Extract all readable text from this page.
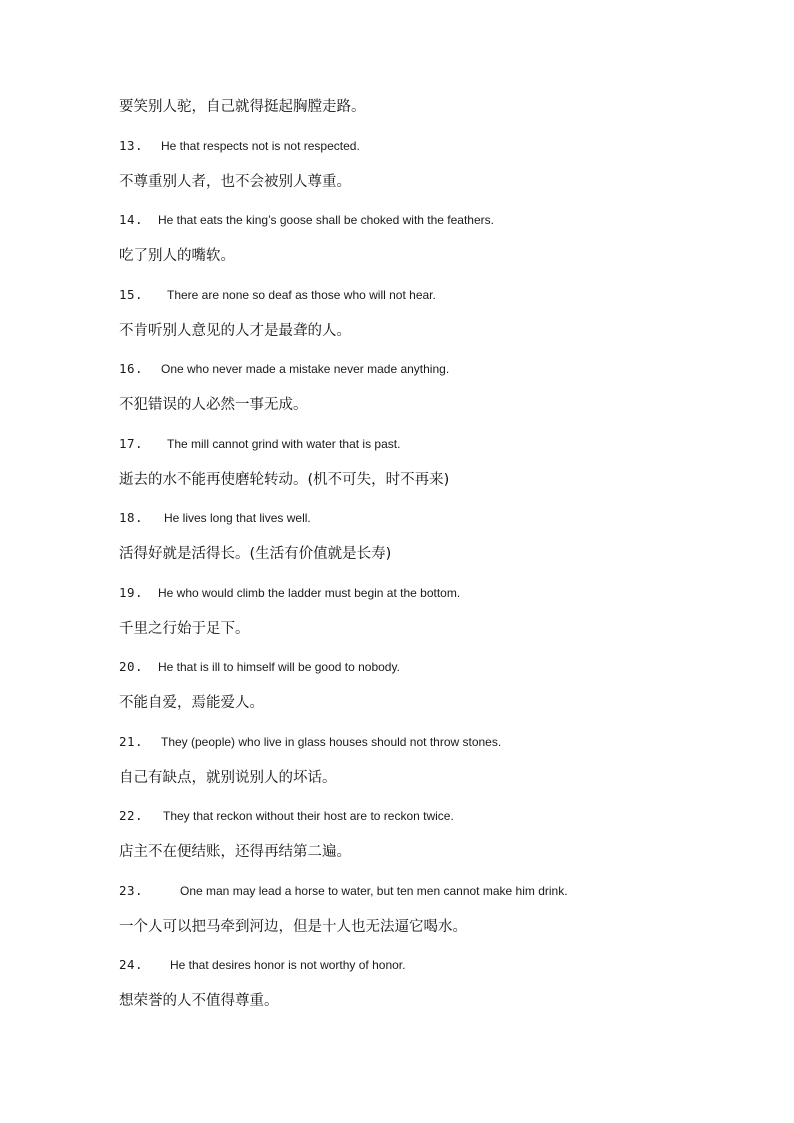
要笑别人驼，自己就得挺起胸膛走路。
13. He that respects not is not respected.
不尊重别人者，也不会被别人尊重。
14. He that eats the king’s goose shall be choked with the feathers.
吃了别人的嘴软。
15. There are none so deaf as those who will not hear.
不肯听别人意见的人才是最聋的人。
16. One who never made a mistake never made anything.
不犯错误的人必然一事无成。
17. The mill cannot grind with water that is past.
逝去的水不能再使磨轮转动。(机不可失，时不再来)
18. He lives long that lives well.
活得好就是活得长。(生活有价值就是长寿)
19. He who would climb the ladder must begin at the bottom.
千里之行始于足下。
20. He that is ill to himself will be good to nobody.
不能自爱，焉能爱人。
21. They (people) who live in glass houses should not throw stones.
自己有缺点，就别说别人的坏话。
22. They that reckon without their host are to reckon twice.
店主不在便结账，还得再结第二遍。
23.	One man may lead a horse to water, but ten men cannot make him drink.
一个人可以把马牵到河边，但是十人也无法逼它喝水。
24. He that desires honor is not worthy of honor.
想荣誉的人不值得尊重。
